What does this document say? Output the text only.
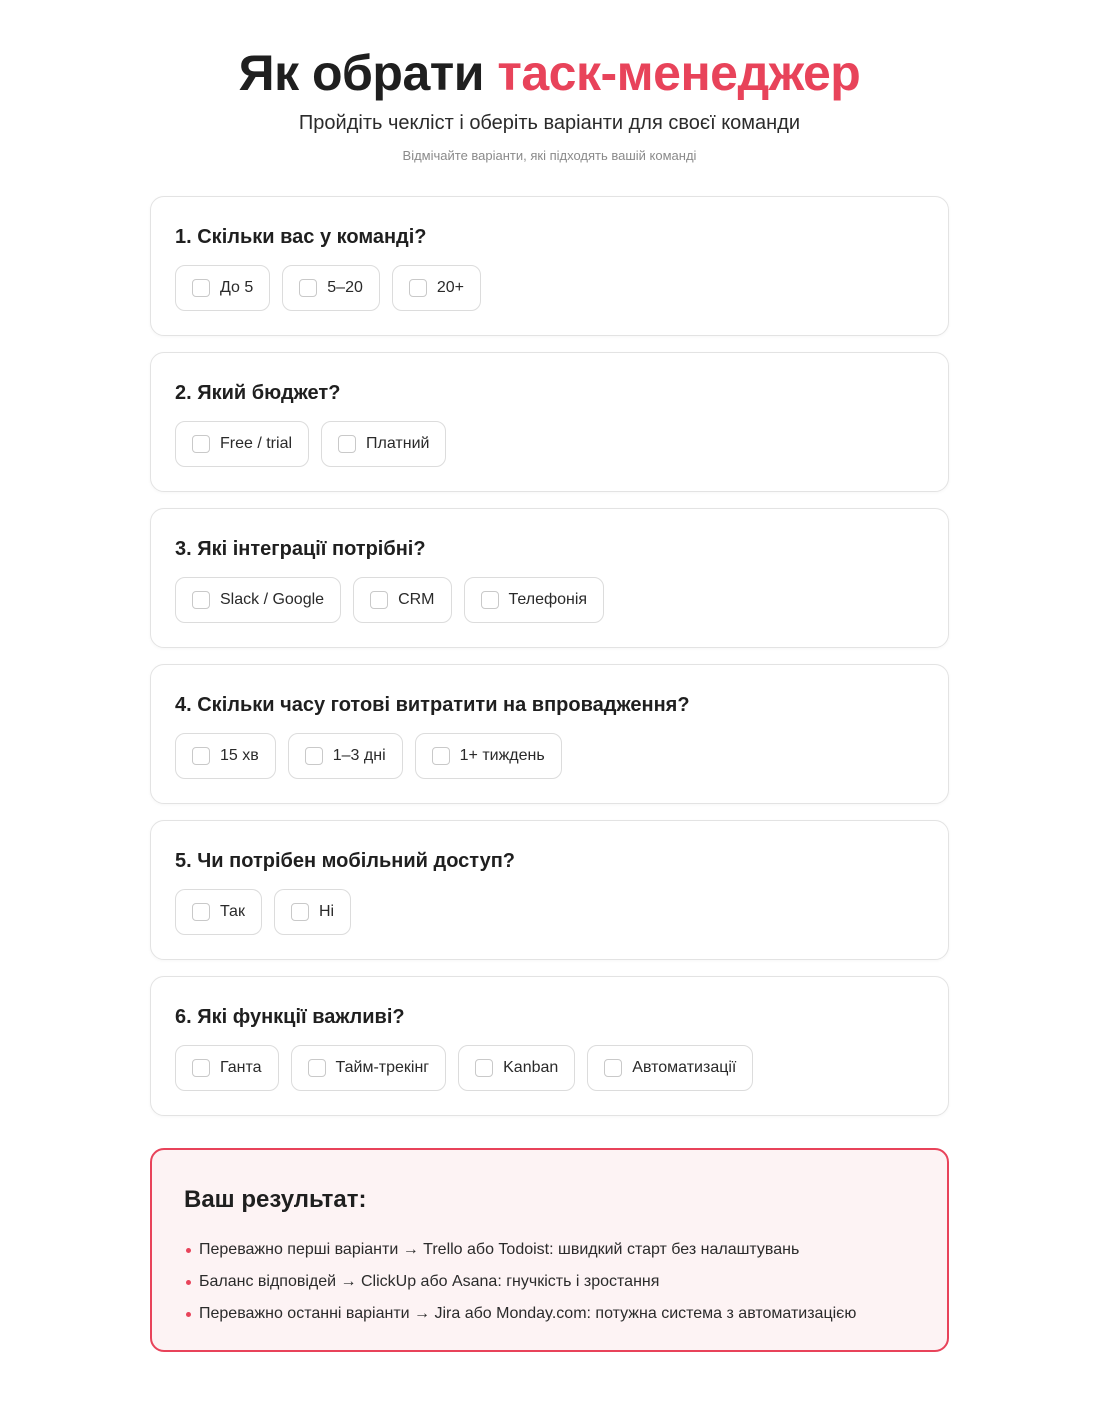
Як обрати таск-менеджер
Пройдіть чекліст і оберіть варіанти для своєї команди
Відмічайте варіанти, які підходять вашій команді
1. Скільки вас у команді?
До 5	5–20	20+
2. Який бюджет?
Free / trial	Платний
3. Які інтеграції потрібні?
Slack / Google	CRM	Телефонія
4. Скільки часу готові витратити на впровадження?
15 хв	1–3 дні	1+ тиждень
5. Чи потрібен мобільний доступ?
Так	Ні
6. Які функції важливі?
Ганта	Тайм-трекінг	Kanban	Автоматизації
Ваш результат:
Переважно перші варіанти → Trello або Todoist: швидкий старт без налаштувань
Баланс відповідей → ClickUp або Asana: гнучкість і зростання
Переважно останні варіанти → Jira або Monday.com: потужна система з автоматизацією
